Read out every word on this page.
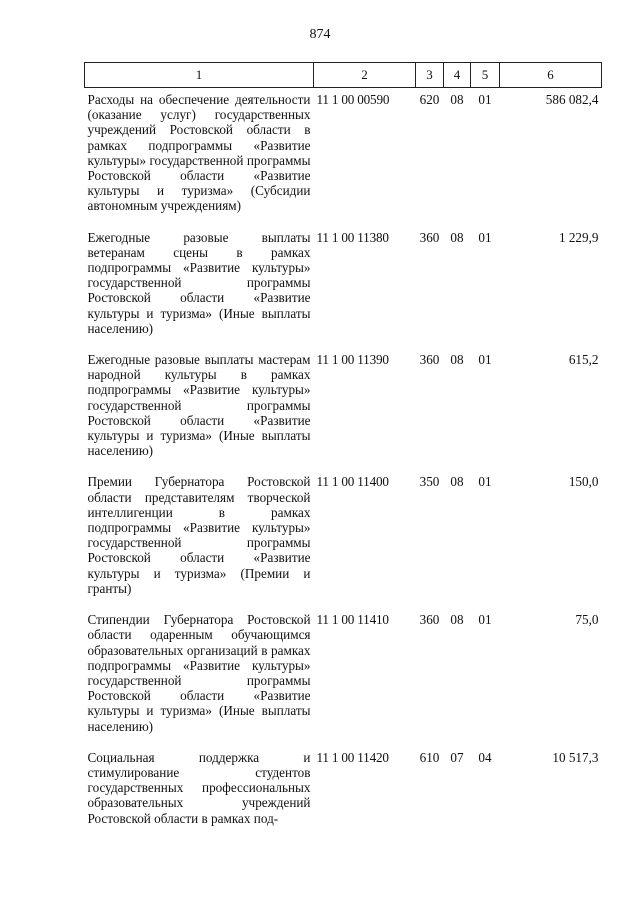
874
1	2	3	4	5	6
Расходы на обеспечение деятельности (оказание услуг) государственных учреждений Ростовской области в рамках подпрограммы «Развитие культуры» государственной программы Ростовской области «Развитие культуры и туризма» (Субсидии автономным учреждениям)	11 1 00 00590	620	08	01	586 082,4
Ежегодные разовые выплаты ветеранам сцены в рамках подпрограммы «Развитие культуры» государственной программы Ростовской области «Развитие культуры и туризма» (Иные выплаты населению)	11 1 00 11380	360	08	01	1 229,9
Ежегодные разовые выплаты мастерам народной культуры в рамках подпрограммы «Развитие культуры» государственной программы Ростовской области «Развитие культуры и туризма» (Иные выплаты населению)	11 1 00 11390	360	08	01	615,2
Премии Губернатора Ростовской области представителям творческой интеллигенции в рамках подпрограммы «Развитие культуры» государственной программы Ростовской области «Развитие культуры и туризма» (Премии и гранты)	11 1 00 11400	350	08	01	150,0
Стипендии Губернатора Ростовской области одаренным обучающимся образовательных организаций в рамках подпрограммы «Развитие культуры» государственной программы Ростовской области «Развитие культуры и туризма» (Иные выплаты населению)	11 1 00 11410	360	08	01	75,0
Социальная поддержка и стимулирование студентов государственных профессиональных образовательных учреждений Ростовской области в рамках под-	11 1 00 11420	610	07	04	10 517,3
